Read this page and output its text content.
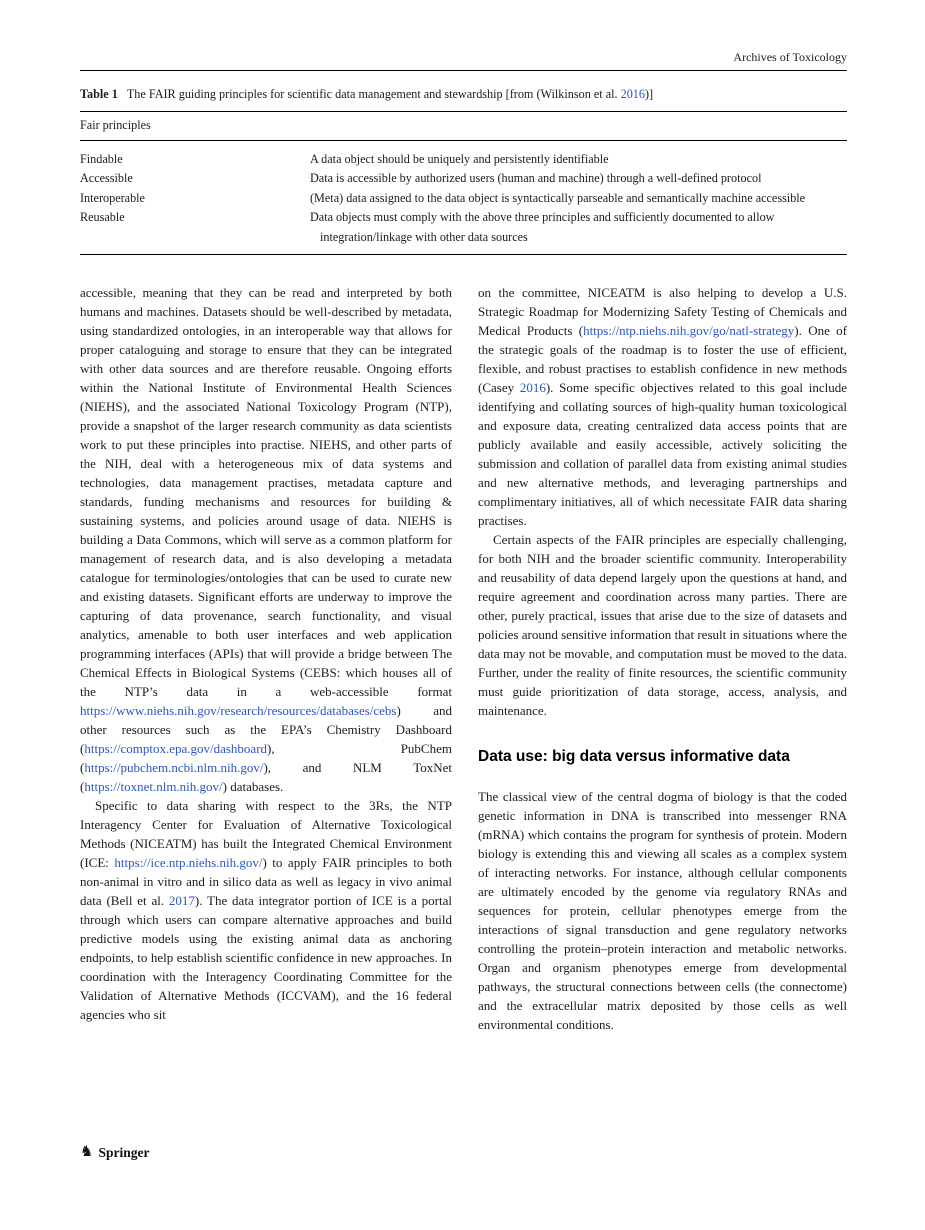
Archives of Toxicology
Table 1 The FAIR guiding principles for scientific data management and stewardship [from (Wilkinson et al. 2016)]
Fair principles
Findable	A data object should be uniquely and persistently identifiable
Accessible	Data is accessible by authorized users (human and machine) through a well-defined protocol
Interoperable	(Meta) data assigned to the data object is syntactically parseable and semantically machine accessible
Reusable	Data objects must comply with the above three principles and sufficiently documented to allow integration/linkage with other data sources

accessible, meaning that they can be read and interpreted by both humans and machines. Datasets should be well-described by metadata, using standardized ontologies, in an interoperable way that allows for proper cataloguing and storage to ensure that they can be integrated with other data sources and are therefore reusable. Ongoing efforts within the National Institute of Environmental Health Sciences (NIEHS), and the associated National Toxicology Program (NTP), provide a snapshot of the larger research community as data scientists work to put these principles into practise. NIEHS, and other parts of the NIH, deal with a heterogeneous mix of data systems and technologies, data management practises, metadata capture and standards, funding mechanisms and resources for building & sustaining systems, and policies around usage of data. NIEHS is building a Data Commons, which will serve as a common platform for management of research data, and is also developing a metadata catalogue for terminologies/ontologies that can be used to curate new and existing datasets. Significant efforts are underway to improve the capturing of data provenance, search functionality, and visual analytics, amenable to both user interfaces and web application programming interfaces (APIs) that will provide a bridge between The Chemical Effects in Biological Systems (CEBS: which houses all of the NTP’s data in a web-accessible format https://www.niehs.nih.gov/research/resources/databases/cebs) and other resources such as the EPA’s Chemistry Dashboard (https://comptox.epa.gov/dashboard), PubChem (https://pubchem.ncbi.nlm.nih.gov/), and NLM ToxNet (https://toxnet.nlm.nih.gov/) databases.

Specific to data sharing with respect to the 3Rs, the NTP Interagency Center for Evaluation of Alternative Toxicological Methods (NICEATM) has built the Integrated Chemical Environment (ICE: https://ice.ntp.niehs.nih.gov/) to apply FAIR principles to both non-animal in vitro and in silico data as well as legacy in vivo animal data (Bell et al. 2017). The data integrator portion of ICE is a portal through which users can compare alternative approaches and build predictive models using the existing animal data as anchoring endpoints, to help establish scientific confidence in new approaches. In coordination with the Interagency Coordinating Committee for the Validation of Alternative Methods (ICCVAM), and the 16 federal agencies who sit

on the committee, NICEATM is also helping to develop a U.S. Strategic Roadmap for Modernizing Safety Testing of Chemicals and Medical Products (https://ntp.niehs.nih.gov/go/natl-strategy). One of the strategic goals of the roadmap is to foster the use of efficient, flexible, and robust practises to establish confidence in new methods (Casey 2016). Some specific objectives related to this goal include identifying and collating sources of high-quality human toxicological and exposure data, creating centralized data access points that are publicly available and easily accessible, actively soliciting the submission and collation of parallel data from existing animal studies and new alternative methods, and leveraging partnerships and complimentary initiatives, all of which necessitate FAIR data sharing practises.

Certain aspects of the FAIR principles are especially challenging, for both NIH and the broader scientific community. Interoperability and reusability of data depend largely upon the questions at hand, and require agreement and coordination across many parties. There are other, purely practical, issues that arise due to the size of datasets and policies around sensitive information that result in situations where the data may not be movable, and computation must be moved to the data. Further, under the reality of finite resources, the scientific community must guide prioritization of data storage, access, analysis, and maintenance.

Data use: big data versus informative data

The classical view of the central dogma of biology is that the coded genetic information in DNA is transcribed into messenger RNA (mRNA) which contains the program for synthesis of protein. Modern biology is extending this and viewing all scales as a complex system of interacting networks. For instance, although cellular components are ultimately encoded by the genome via regulatory RNAs and sequences for protein, cellular phenotypes emerge from the interactions of signal transduction and gene regulatory networks controlling the protein–protein interaction and metabolic networks. Organ and organism phenotypes emerge from developmental pathways, the structural connections between cells (the connectome) and the extracellular matrix deposited by those cells as well environmental conditions.

♞ Springer
